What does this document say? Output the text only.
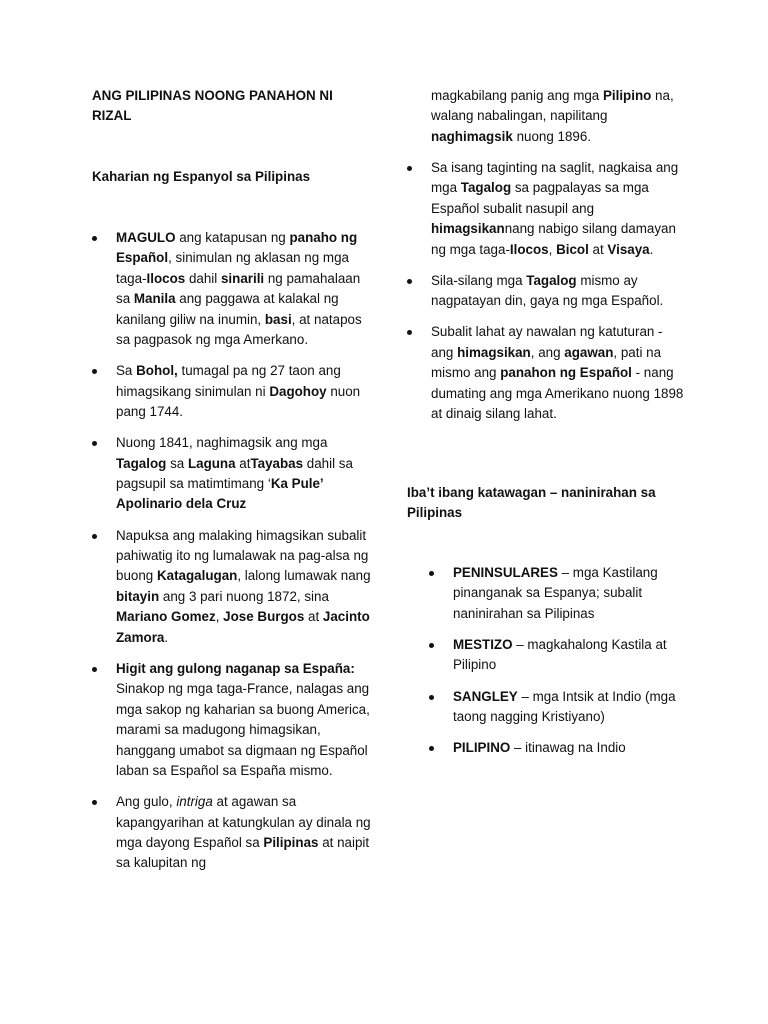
ANG PILIPINAS NOONG PANAHON NI RIZAL
Kaharian ng Espanyol sa Pilipinas
MAGULO ang katapusan ng panaho ng Español, sinimulan ng aklasan ng mga taga-Ilocos dahil sinarili ng pamahalaan sa Manila ang paggawa at kalakal ng kanilang giliw na inumin, basi, at natapos sa pagpasok ng mga Amerkano.
Sa Bohol, tumagal pa ng 27 taon ang himagsikang sinimulan ni Dagohoy nuon pang 1744.
Nuong 1841, naghimagsik ang mga Tagalog sa Laguna atTayabas dahil sa pagsupil sa matimtimang ‘Ka Pule’ Apolinario dela Cruz
Napuksa ang malaking himagsikan subalit pahiwatig ito ng lumalawak na pag-alsa ng buong Katagalugan, lalong lumawak nang bitayin ang 3 pari nuong 1872, sina Mariano Gomez, Jose Burgos at Jacinto Zamora.
Higit ang gulong naganap sa España: Sinakop ng mga taga-France, nalagas ang mga sakop ng kaharian sa buong America, marami sa madugong himagsikan, hanggang umabot sa digmaan ng Español laban sa Español sa España mismo.
Ang gulo, intriga at agawan sa kapangyarihan at katungkulan ay dinala ng mga dayong Español sa Pilipinas at naipit sa kalupitan ng
magkabilang panig ang mga Pilipino na, walang nabalingan, napilitang naghimagsik nuong 1896.
Sa isang taginting na saglit, nagkaisa ang mga Tagalog sa pagpalayas sa mga Español subalit nasupil ang himagsikannang nabigo silang damayan ng mga taga-Ilocos, Bicol at Visaya.
Sila-silang mga Tagalog mismo ay nagpatayan din, gaya ng mga Español.
Subalit lahat ay nawalan ng katuturan - ang himagsikan, ang agawan, pati na mismo ang panahon ng Español - nang dumating ang mga Amerikano nuong 1898 at dinaig silang lahat.
Iba’t ibang katawagan – naninirahan sa Pilipinas
PENINSULARES – mga Kastilang pinanganak sa Espanya; subalit naninirahan sa Pilipinas
MESTIZO – magkahalong Kastila at Pilipino
SANGLEY – mga Intsik at Indio (mga taong nagging Kristiyano)
PILIPINO – itinawag na Indio
